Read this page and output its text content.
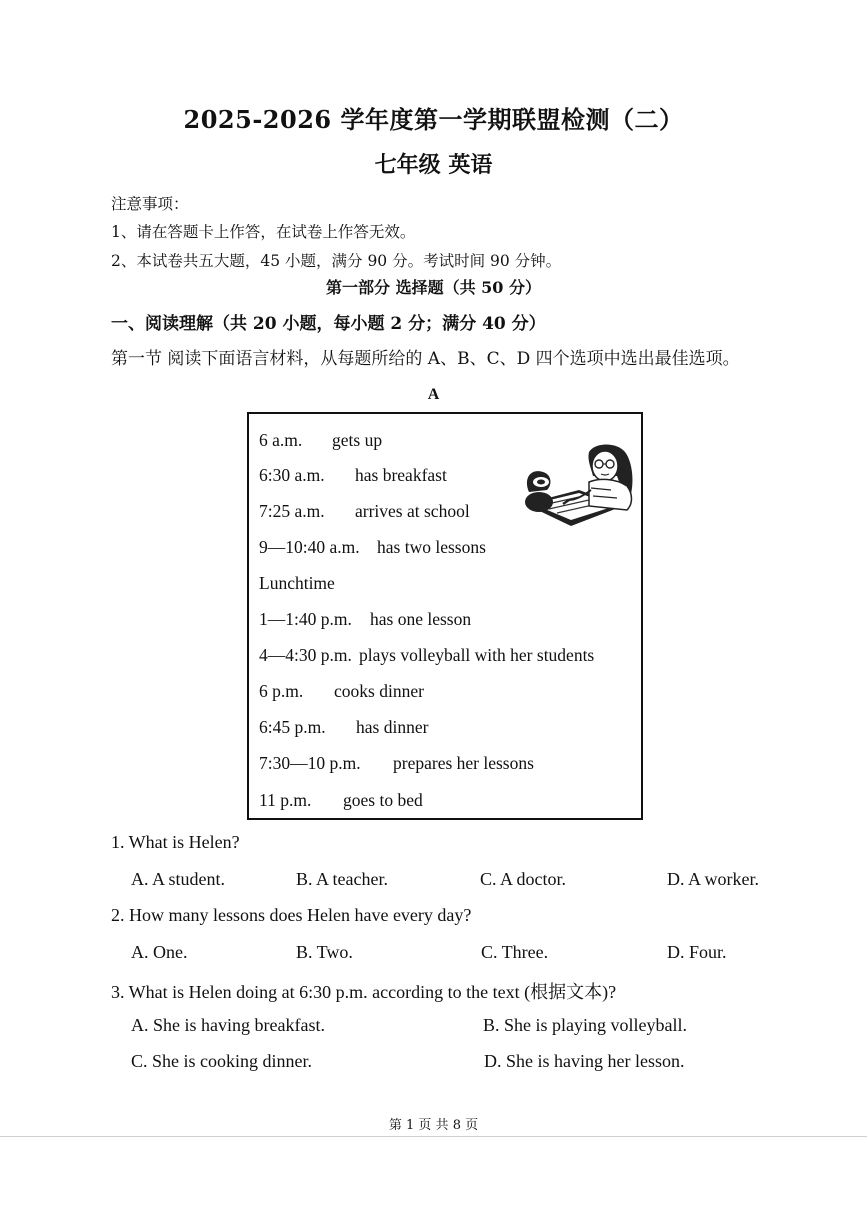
2025-2026 学年度第一学期联盟检测（二）
七年级 英语
注意事项：
1、请在答题卡上作答，在试卷上作答无效。
2、本试卷共五大题，45 小题，满分 90 分。考试时间 90 分钟。
第一部分 选择题（共 50 分）
一、阅读理解（共 20 小题，每小题 2 分；满分 40 分）
第一节 阅读下面语言材料，从每题所给的 A、B、C、D 四个选项中选出最佳选项。
A
6 a.m. gets up
6:30 a.m. has breakfast
7:25 a.m. arrives at school
9—10:40 a.m. has two lessons
Lunchtime
1—1:40 p.m. has one lesson
4—4:30 p.m. plays volleyball with her students
6 p.m. cooks dinner
6:45 p.m. has dinner
7:30—10 p.m. prepares her lessons
11 p.m. goes to bed
1. What is Helen?
A. A student.	B. A teacher.	C. A doctor.	D. A worker.
2. How many lessons does Helen have every day?
A. One.	B. Two.	C. Three.	D. Four.
3. What is Helen doing at 6:30 p.m. according to the text (根据文本)?
A. She is having breakfast.	B. She is playing volleyball.
C. She is cooking dinner.	D. She is having her lesson.
第 1 页 共 8 页
